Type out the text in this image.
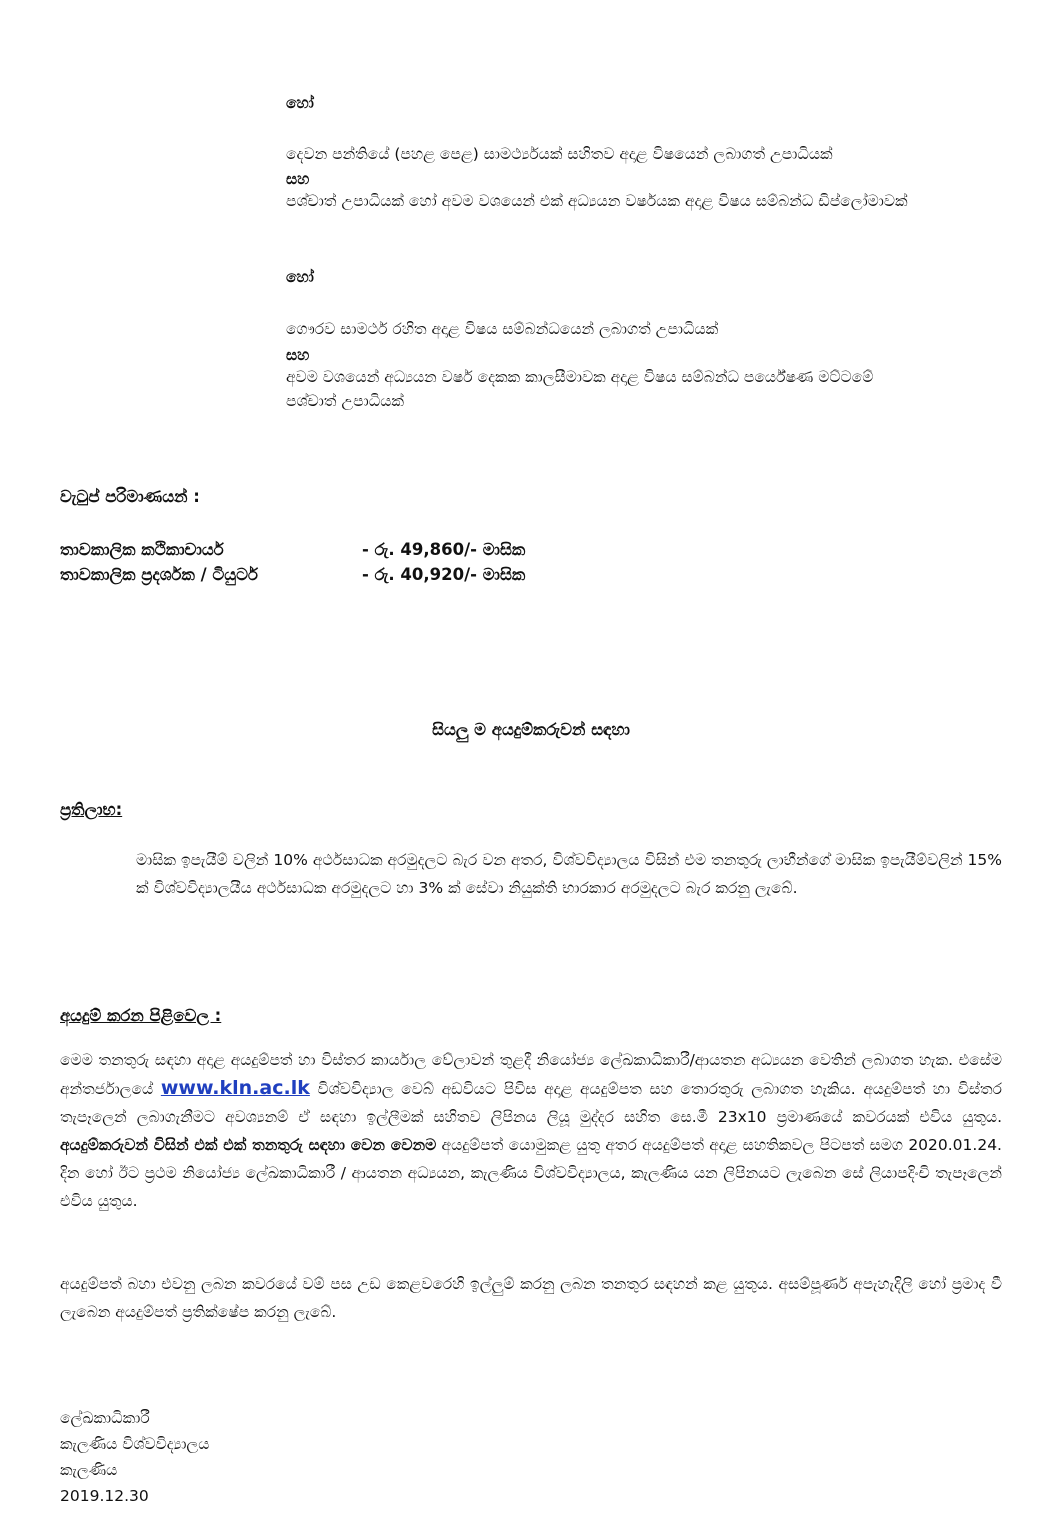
හෝ
දෙවන පන්තියේ (පහළ පෙළ) සාමර්ථ්‍යයක් සහිතව අදාළ විෂයෙන් ලබාගත් උපාධියක්
සහ
පශ්චාත් උපාධියක් හෝ අවම වශයෙන් එක් අධ්‍යයන වර්ෂයක අදාළ විෂය සම්බන්ධ ඩිප්ලෝමාවක්
හෝ
ගෞරව සාමර්ථ රහිත අදාළ විෂය සම්බන්ධයෙන් ලබාගත් උපාධියක්
සහ
අවම වශයෙන් අධ්‍යයන වර්ෂ දෙකක කාලසීමාවක අදාළ විෂය සම්බන්ධ පර්යේෂණ මට්ටමේ
පශ්චාත් උපාධියක්
වැටුප් පරිමාණයන් :
තාවකාලික කථිකාචාර්ය	- රු. 49,860/- මාසික
තාවකාලික ප්‍රදර්ශක / ටියුටර්	- රු. 40,920/- මාසික
සියලු ම අයදුම්කරුවන් සඳහා
ප්‍රතිලාභ:
මාසික ඉපැයීම් වලින් 10% අර්ථසාධක අරමුදලට බැර වන අතර, විශ්වවිද්‍යාලය විසින් එම තනතුරු ලාභීන්ගේ මාසික ඉපැයීම්වලින් 15% ක් විශ්වවිද්‍යාලයීය අර්ථසාධක අරමුදලට හා 3% ක් සේවා නියුක්ති භාරකාර අරමුදලට බැර කරනු ලැබේ.
අයදුම් කරන පිළිවෙල :
මෙම තනතුරු සඳහා අදාළ අයදුම්පත් හා විස්තර කාර්යාල වේලාවන් තුළදී නියෝජ්‍ය ලේඛකාධිකාරී/ආයතන අධ්‍යයන වෙතින් ලබාගත හැක. එසේම අන්තර්ජාලයේ www.kln.ac.lk විශ්වවිද්‍යාල වෙබ් අඩවියට පිවිස අදාළ අයදුම්පත සහ තොරතුරු ලබාගත හැකිය. අයදුම්පත් හා විස්තර තැපෑලෙන් ලබාගැනීමට අවශ්‍යනම් ඒ සඳහා ඉල්ලීමක් සහිතව ලිපිනය ලියූ මුද්දර සහිත සෙ.මී 23x10 ප්‍රමාණයේ කවරයක් එවිය යුතුය. අයදුම්කරුවන් විසින් එක් එක් තනතුරු සඳහා වෙන වෙනම අයදුම්පත් යොමුකළ යුතු අතර අයදුම්පත් අදාළ සහතිකවල පිටපත් සමග 2020.01.24. දින හෝ ඊට ප්‍රථම නියෝජ්‍ය ලේඛකාධිකාරී / ආයතන අධ්‍යයන, කැලණිය විශ්වවිද්‍යාලය, කැලණිය යන ලිපිනයට ලැබෙන සේ ලියාපදිංචි තැපෑලෙන් එවිය යුතුය.
අයදුම්පත් බහා එවනු ලබන කවරයේ වම් පස උඩ කෙළවරෙහි ඉල්ලුම් කරනු ලබන තනතුර සඳහන් කළ යුතුය. අසම්පූර්ණ අපැහැදිලි හෝ ප්‍රමාද වී ලැබෙන අයදුම්පත් ප්‍රතික්ෂේප කරනු ලැබේ.
ලේඛකාධිකාරී
කැලණිය විශ්වවිද්‍යාලය
කැලණිය
2019.12.30
